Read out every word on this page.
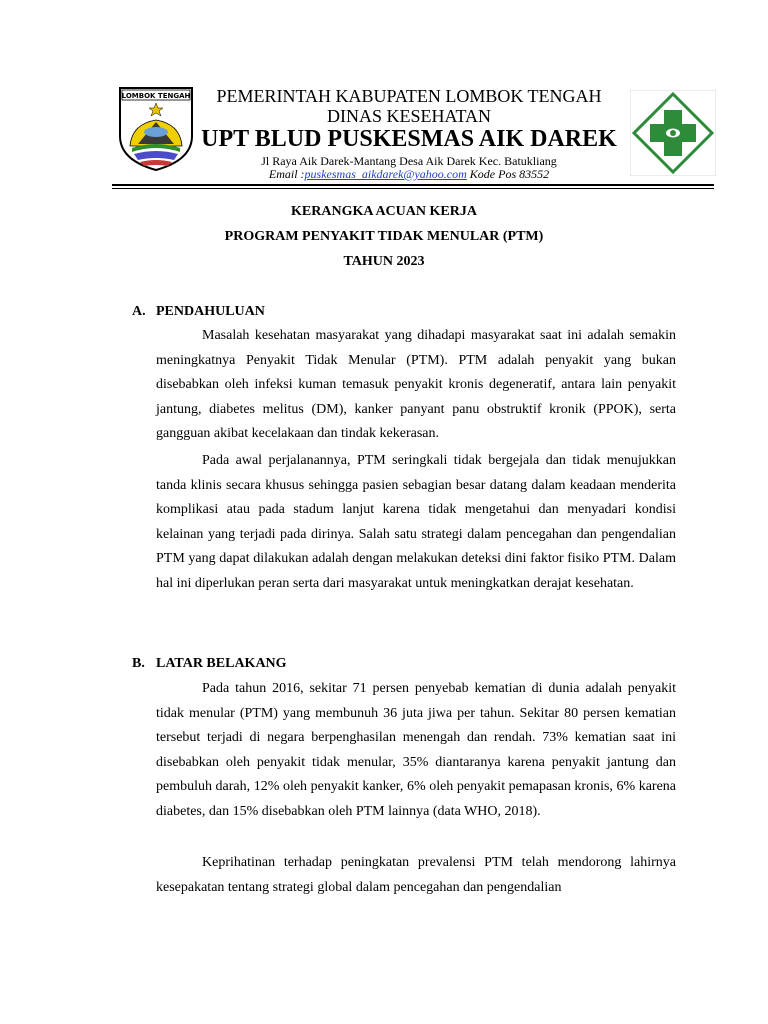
LOMBOK TENGAH	PEMERINTAH KABUPATEN LOMBOK TENGAH
DINAS KESEHATAN
UPT BLUD PUSKESMAS AIK DAREK
Jl Raya Aik Darek-Mantang Desa Aik Darek Kec. Batukliang
Email :puskesmas_aikdarek@yahoo.com Kode Pos 83552
KERANGKA ACUAN KERJA
PROGRAM PENYAKIT TIDAK MENULAR (PTM)
TAHUN 2023
A. PENDAHULUAN

Masalah kesehatan masyarakat yang dihadapi masyarakat saat ini adalah semakin meningkatnya Penyakit Tidak Menular (PTM). PTM adalah penyakit yang bukan disebabkan oleh infeksi kuman temasuk penyakit kronis degeneratif, antara lain penyakit jantung, diabetes melitus (DM), kanker panyant panu obstruktif kronik (PPOK), serta gangguan akibat kecelakaan dan tindak kekerasan.

Pada awal perjalanannya, PTM seringkali tidak bergejala dan tidak menujukkan tanda klinis secara khusus sehingga pasien sebagian besar datang dalam keadaan menderita komplikasi atau pada stadum lanjut karena tidak mengetahui dan menyadari kondisi kelainan yang terjadi pada dirinya. Salah satu strategi dalam pencegahan dan pengendalian PTM yang dapat dilakukan adalah dengan melakukan deteksi dini faktor fisiko PTM. Dalam hal ini diperlukan peran serta dari masyarakat untuk meningkatkan derajat kesehatan.

B. LATAR BELAKANG

Pada tahun 2016, sekitar 71 persen penyebab kematian di dunia adalah penyakit tidak menular (PTM) yang membunuh 36 juta jiwa per tahun. Sekitar 80 persen kematian tersebut terjadi di negara berpenghasilan menengah dan rendah. 73% kematian saat ini disebabkan oleh penyakit tidak menular, 35% diantaranya karena penyakit jantung dan pembuluh darah, 12% oleh penyakit kanker, 6% oleh penyakit pemapasan kronis, 6% karena diabetes, dan 15% disebabkan oleh PTM lainnya (data WHO, 2018).

Keprihatinan terhadap peningkatan prevalensi PTM telah mendorong lahirnya kesepakatan tentang strategi global dalam pencegahan dan pengendalian
